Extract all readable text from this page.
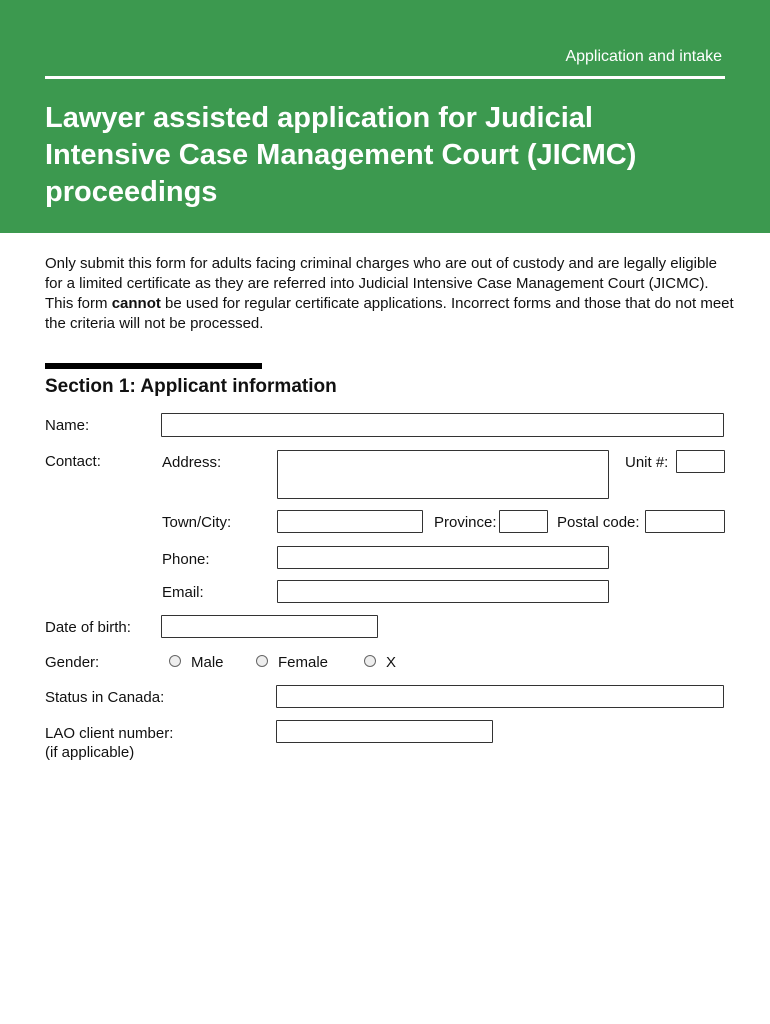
Application and intake
Lawyer assisted application for Judicial Intensive Case Management Court (JICMC) proceedings

Only submit this form for adults facing criminal charges who are out of custody and are legally eligible for a limited certificate as they are referred into Judicial Intensive Case Management Court (JICMC). This form cannot be used for regular certificate applications. Incorrect forms and those that do not meet the criteria will not be processed.

Section 1: Applicant information
Name:
Contact:	Address:	Unit #:
Town/City:	Province:	Postal code:
Phone:
Email:
Date of birth:
Gender:	Male	Female	X
Status in Canada:
LAO client number:
(if applicable)
